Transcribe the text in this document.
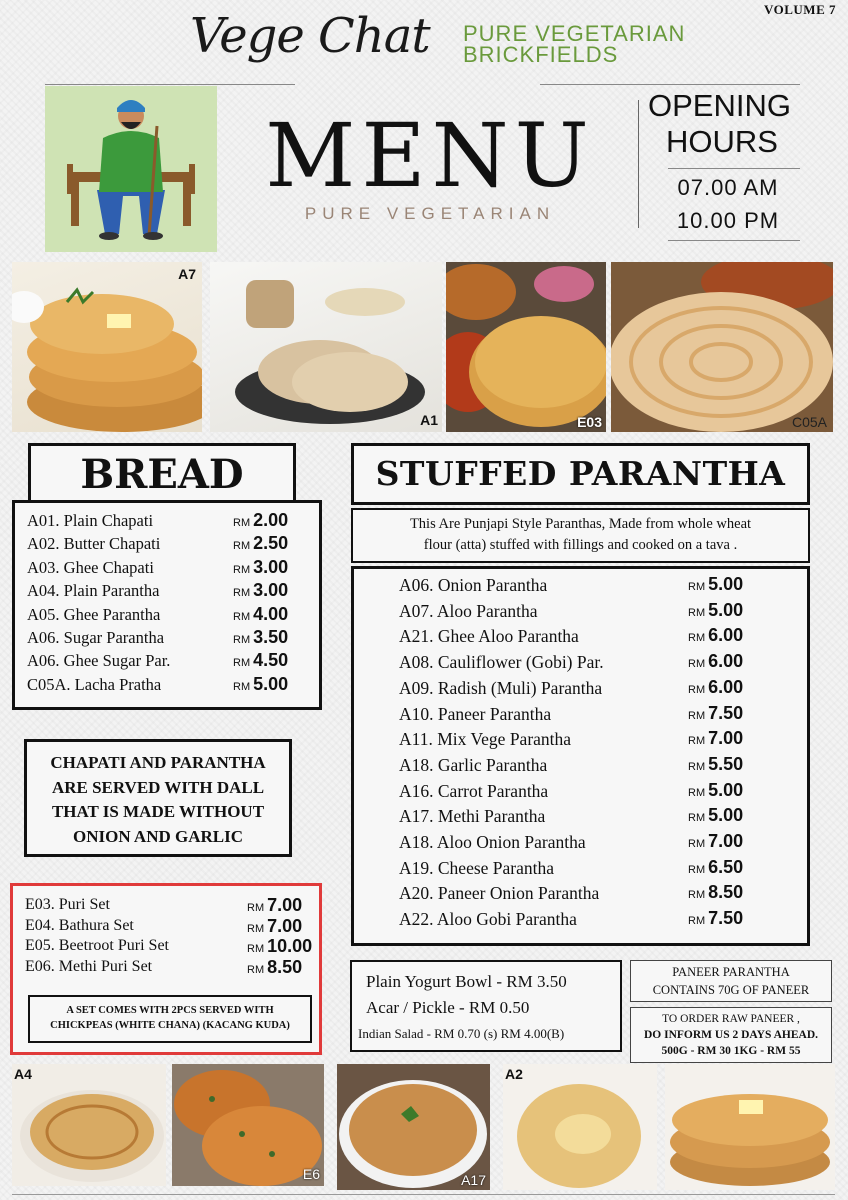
VOLUME 7
Vege Chat PURE VEGETARIAN
BRICKFIELDS
MENU
PURE VEGETARIAN
OPENING
HOURS
07.00 AM
10.00 PM
A7
A1	E03	C05A
BREAD
A01. Plain Chapati	RM 2.00
A02. Butter Chapati	RM 2.50
A03. Ghee Chapati	RM 3.00
A04. Plain Parantha	RM 3.00
A05. Ghee Parantha	RM 4.00
A06. Sugar Parantha	RM 3.50
A06. Ghee Sugar Par.	RM 4.50
C05A. Lacha Pratha	RM 5.00
CHAPATI AND PARANTHA
ARE SERVED WITH DALL
THAT IS MADE WITHOUT
ONION AND GARLIC
A SET COMES WITH 2PCS SERVED WITH
CHICKPEAS (WHITE CHANA) (KACANG KUDA)
E03. Puri Set	RM 7.00
E04. Bathura Set	RM 7.00
E05. Beetroot Puri Set	RM 10.00
E06. Methi Puri Set	RM 8.50
STUFFED PARANTHA
This Are Punjapi Style Paranthas, Made from whole wheat
flour (atta) stuffed with fillings and cooked on a tava .
A06. Onion Parantha	RM 5.00
A07. Aloo Parantha	RM 5.00
A21. Ghee Aloo Parantha	RM 6.00
A08. Cauliflower (Gobi) Par.	RM 6.00
A09. Radish (Muli) Parantha	RM 6.00
A10. Paneer Parantha	RM 7.50
A11. Mix Vege Parantha	RM 7.00
A18. Garlic Parantha	RM 5.50
A16. Carrot Parantha	RM 5.00
A17. Methi Parantha	RM 5.00
A18. Aloo Onion Parantha	RM 7.00
A19. Cheese Parantha	RM 6.50
A20. Paneer Onion Parantha	RM 8.50
A22. Aloo Gobi Parantha	RM 7.50
Plain Yogurt Bowl - RM 3.50
Acar / Pickle - RM 0.50
Indian Salad - RM 0.70 (s) RM 4.00(B)
PANEER PARANTHA
CONTAINS 70G OF PANEER
TO ORDER RAW PANEER ,
DO INFORM US 2 DAYS AHEAD.
500G - RM 30 1KG - RM 55
A4
E6	A17
A2
